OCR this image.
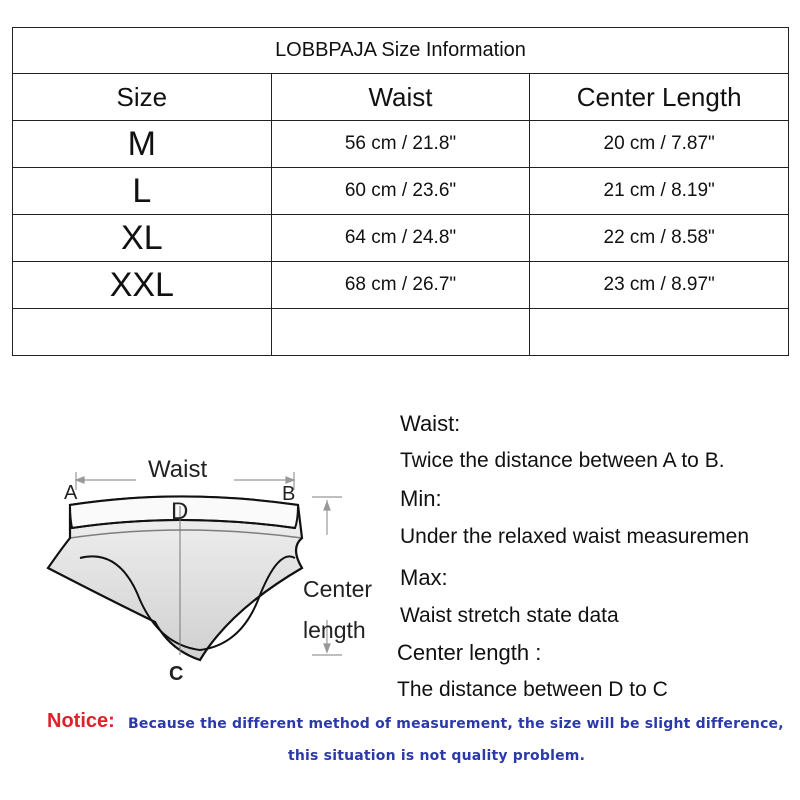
LOBBPAJA Size Information		
Size	Waist	Center Length
M	56 cm / 21.8"	20 cm / 7.87"
L	60 cm / 23.6"	21 cm / 8.19"
XL	64 cm / 24.8"	22 cm / 8.58"
XXL	68 cm / 26.7"	23 cm / 8.97"

Waist
A	B
D
C
Center
length
Waist:
Twice the distance between A to B.
Min:
Under the relaxed waist measuremen
Max:
Waist stretch state data
Center length :
The distance between D to C
Notice: Because the different method of measurement, the size will be slight difference,
this situation is not quality problem.
